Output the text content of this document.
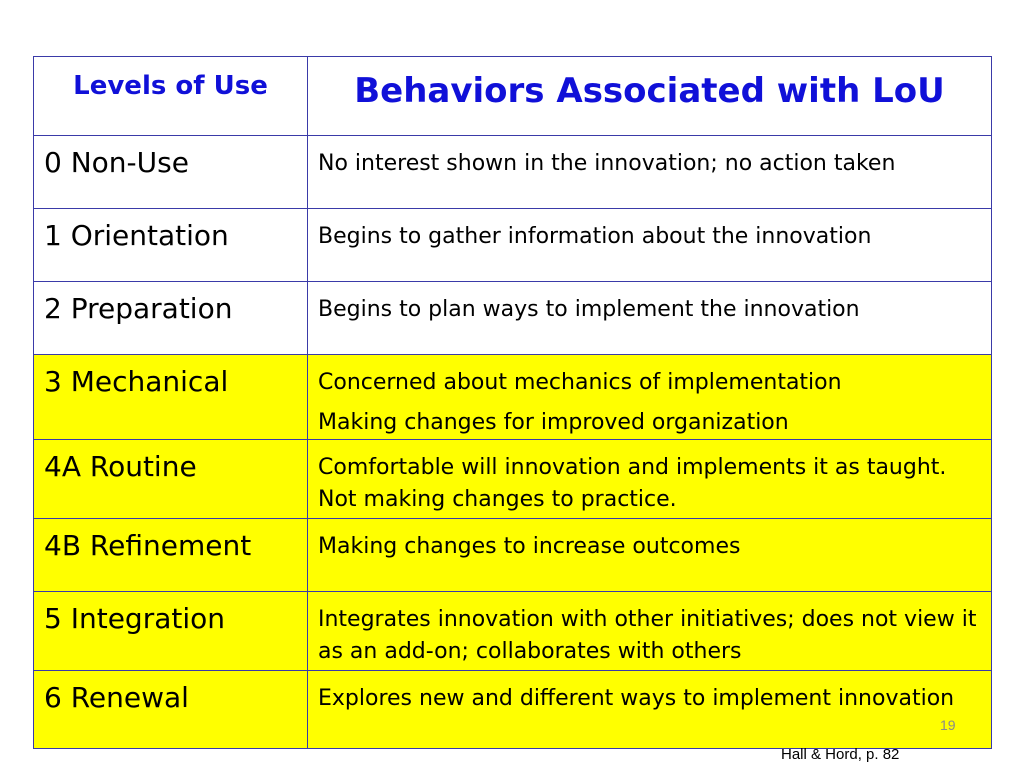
Levels of Use	Behaviors Associated with LoU

0 Non-Use	No interest shown in the innovation; no action taken

1 Orientation	Begins to gather information about the innovation

2 Preparation	Begins to plan ways to implement the innovation

3 Mechanical	Concerned about mechanics of implementation
Making changes for improved organization

4A Routine	Comfortable will innovation and implements it as taught. Not making changes to practice.

4B Refinement	Making changes to increase outcomes

5 Integration	Integrates innovation with other initiatives; does not view it as an add-on; collaborates with others

6 Renewal	Explores new and different ways to implement innovation
19
Hall & Hord, p. 82
